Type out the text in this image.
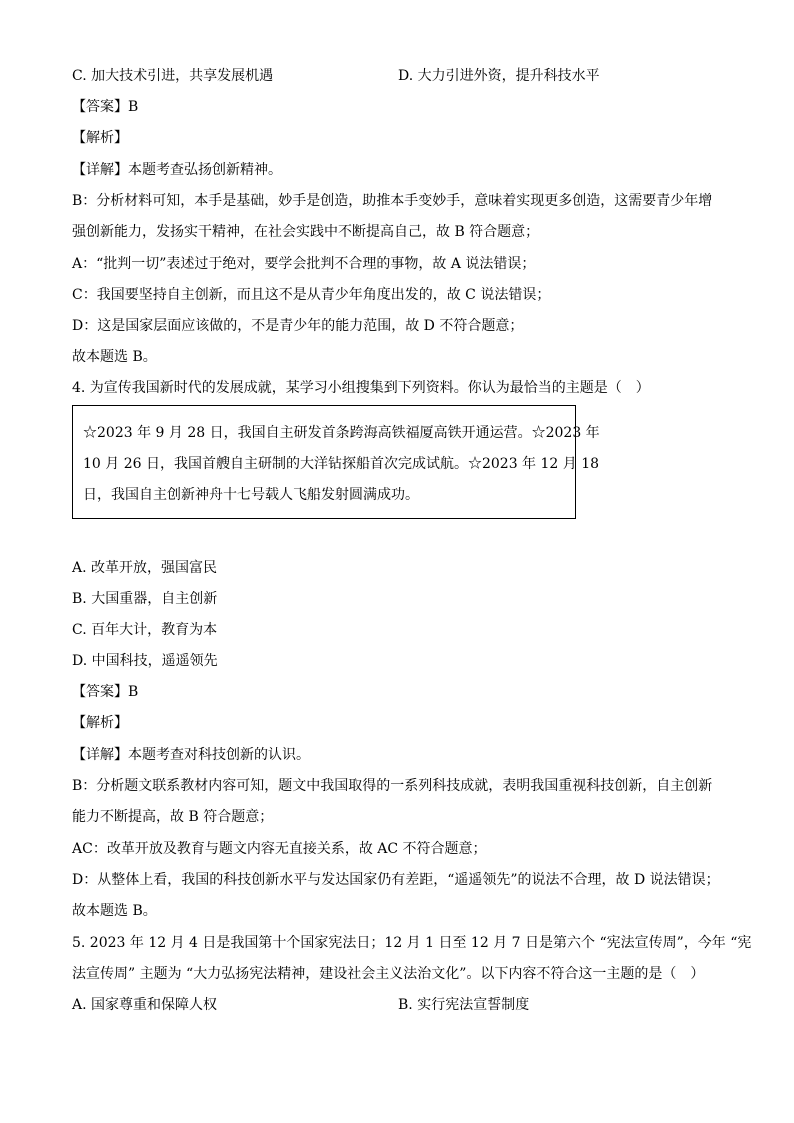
C. 加大技术引进，共享发展机遇	D. 大力引进外资，提升科技水平
【答案】B
【解析】
【详解】本题考查弘扬创新精神。
B：分析材料可知，本手是基础，妙手是创造，助推本手变妙手，意味着实现更多创造，这需要青少年增
强创新能力，发扬实干精神，在社会实践中不断提高自己，故 B 符合题意；
A：“批判一切”表述过于绝对，要学会批判不合理的事物，故 A 说法错误；
C：我国要坚持自主创新，而且这不是从青少年角度出发的，故 C 说法错误；
D：这是国家层面应该做的，不是青少年的能力范围，故 D 不符合题意；
故本题选 B。
4. 为宣传我国新时代的发展成就，某学习小组搜集到下列资料。你认为最恰当的主题是（　）
☆2023 年 9 月 28 日，我国自主研发首条跨海高铁福厦高铁开通运营。☆2023 年
10 月 26 日，我国首艘自主研制的大洋钻探船首次完成试航。☆2023 年 12 月 18
日，我国自主创新神舟十七号载人飞船发射圆满成功。
A. 改革开放，强国富民
B. 大国重器，自主创新
C. 百年大计，教育为本
D. 中国科技，遥遥领先
【答案】B
【解析】
【详解】本题考查对科技创新的认识。
B：分析题文联系教材内容可知，题文中我国取得的一系列科技成就，表明我国重视科技创新，自主创新
能力不断提高，故 B 符合题意；
AC：改革开放及教育与题文内容无直接关系，故 AC 不符合题意；
D：从整体上看，我国的科技创新水平与发达国家仍有差距，“遥遥领先”的说法不合理，故 D 说法错误；
故本题选 B。
5. 2023 年 12 月 4 日是我国第十个国家宪法日；12 月 1 日至 12 月 7 日是第六个 “宪法宣传周”，今年 “宪
法宣传周” 主题为 “大力弘扬宪法精神，建设社会主义法治文化”。以下内容不符合这一主题的是（　）
A. 国家尊重和保障人权	B. 实行宪法宣誓制度
